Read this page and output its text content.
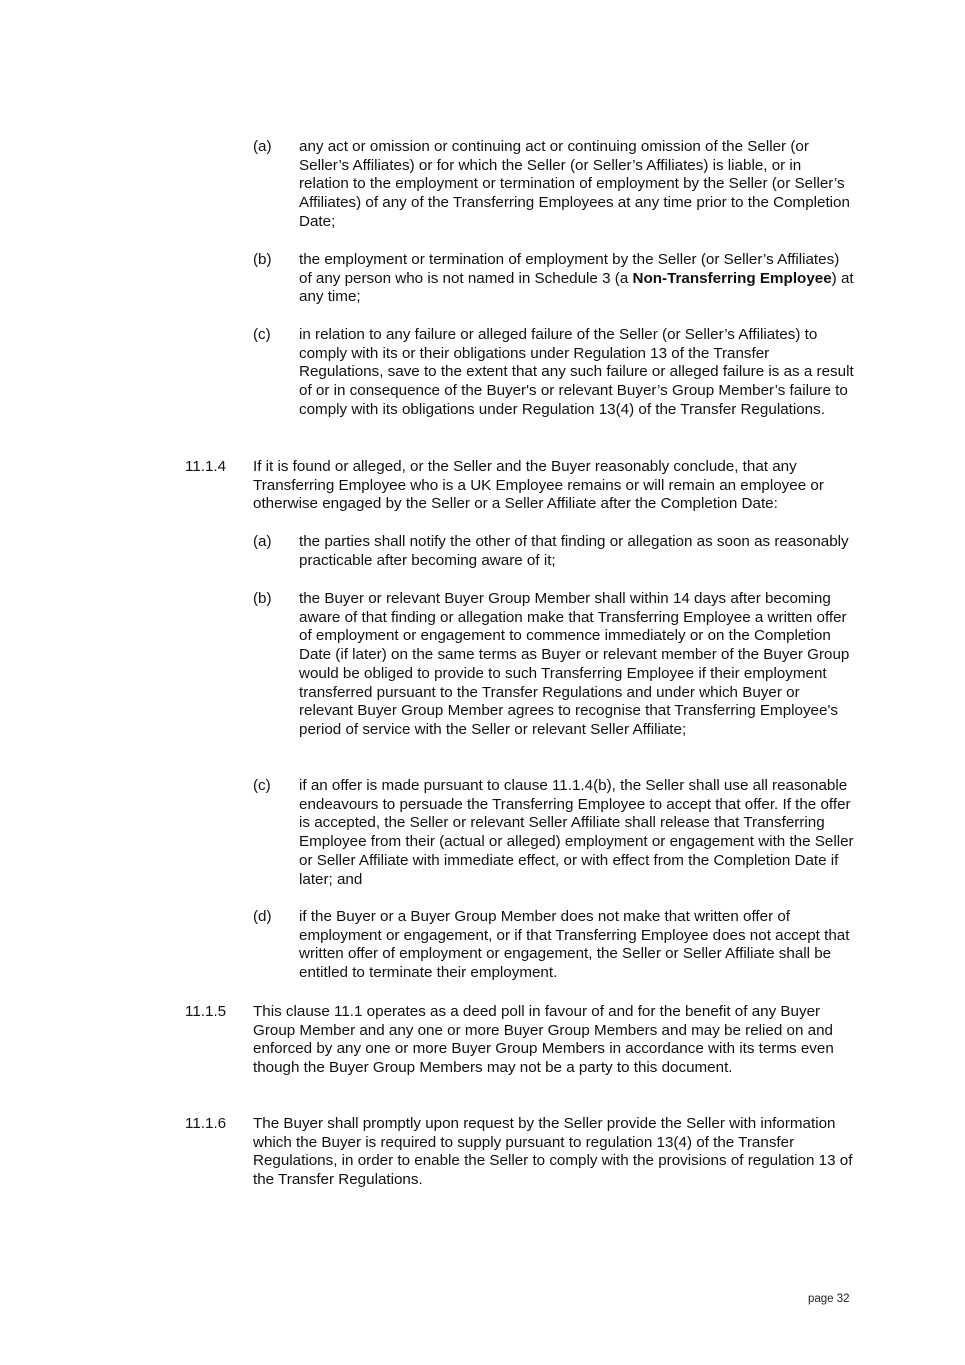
(a) any act or omission or continuing act or continuing omission of the Seller (or Seller’s Affiliates) or for which the Seller (or Seller’s Affiliates) is liable, or in relation to the employment or termination of employment by the Seller (or Seller’s Affiliates) of any of the Transferring Employees at any time prior to the Completion Date;

(b) the employment or termination of employment by the Seller (or Seller’s Affiliates) of any person who is not named in Schedule 3 (a Non-Transferring Employee) at any time;

(c) in relation to any failure or alleged failure of the Seller (or Seller’s Affiliates) to comply with its or their obligations under Regulation 13 of the Transfer Regulations, save to the extent that any such failure or alleged failure is as a result of or in consequence of the Buyer's or relevant Buyer’s Group Member’s failure to comply with its obligations under Regulation 13(4) of the Transfer Regulations.

11.1.4 If it is found or alleged, or the Seller and the Buyer reasonably conclude, that any Transferring Employee who is a UK Employee remains or will remain an employee or otherwise engaged by the Seller or a Seller Affiliate after the Completion Date:

(a) the parties shall notify the other of that finding or allegation as soon as reasonably practicable after becoming aware of it;

(b) the Buyer or relevant Buyer Group Member shall within 14 days after becoming aware of that finding or allegation make that Transferring Employee a written offer of employment or engagement to commence immediately or on the Completion Date (if later) on the same terms as Buyer or relevant member of the Buyer Group would be obliged to provide to such Transferring Employee if their employment transferred pursuant to the Transfer Regulations and under which Buyer or relevant Buyer Group Member agrees to recognise that Transferring Employee's period of service with the Seller or relevant Seller Affiliate;

(c) if an offer is made pursuant to clause 11.1.4(b), the Seller shall use all reasonable endeavours to persuade the Transferring Employee to accept that offer. If the offer is accepted, the Seller or relevant Seller Affiliate shall release that Transferring Employee from their (actual or alleged) employment or engagement with the Seller or Seller Affiliate with immediate effect, or with effect from the Completion Date if later; and

(d) if the Buyer or a Buyer Group Member does not make that written offer of employment or engagement, or if that Transferring Employee does not accept that written offer of employment or engagement, the Seller or Seller Affiliate shall be entitled to terminate their employment.

11.1.5 This clause 11.1 operates as a deed poll in favour of and for the benefit of any Buyer Group Member and any one or more Buyer Group Members and may be relied on and enforced by any one or more Buyer Group Members in accordance with its terms even though the Buyer Group Members may not be a party to this document.

11.1.6 The Buyer shall promptly upon request by the Seller provide the Seller with information which the Buyer is required to supply pursuant to regulation 13(4) of the Transfer Regulations, in order to enable the Seller to comply with the provisions of regulation 13 of the Transfer Regulations.

page 32
